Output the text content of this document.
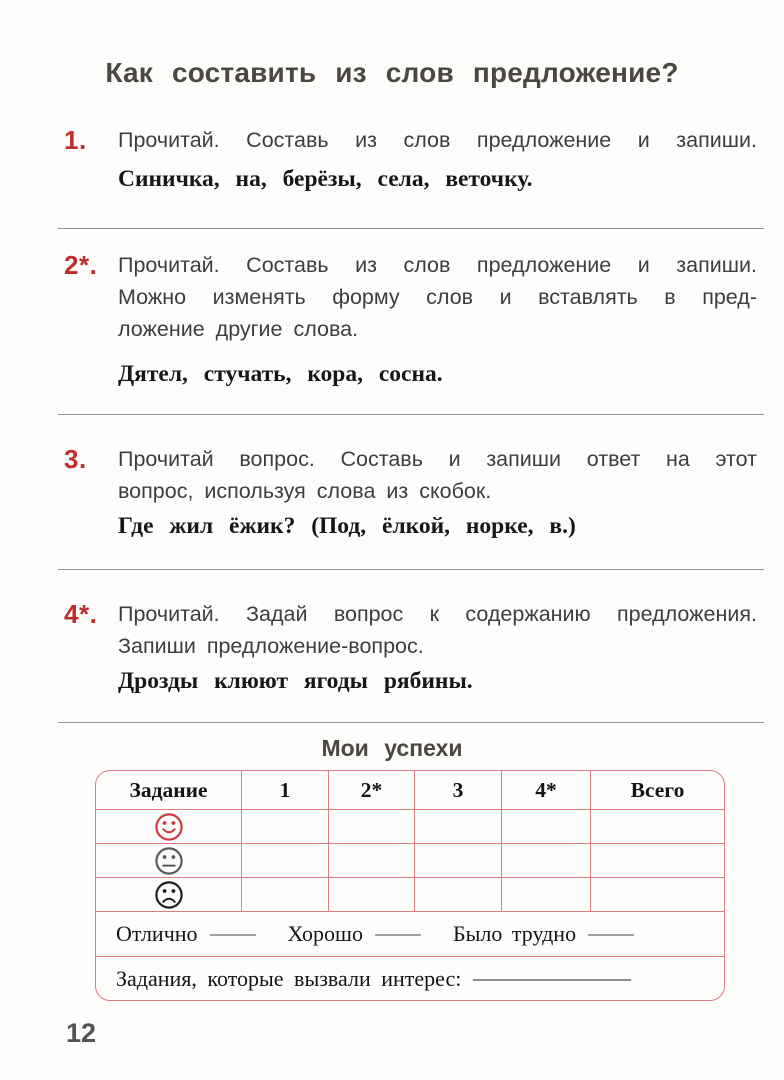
Как составить из слов предложение?
1. Прочитай. Составь из слов предложение и запиши.
Синичка, на, берёзы, села, веточку.
2*. Прочитай. Составь из слов предложение и запиши.
Можно изменять форму слов и вставлять в пред-
ложение другие слова.
Дятел, стучать, кора, сосна.
3. Прочитай вопрос. Составь и запиши ответ на этот
вопрос, используя слова из скобок.
Где жил ёжик? (Под, ёлкой, норке, в.)
4*. Прочитай. Задай вопрос к содержанию предложения.
Запиши предложение-вопрос.
Дрозды клюют ягоды рябины.
Мои успехи
Задание	1	2*	3	4*	Всего
Отлично	Хорошо	Было трудно
Задания, которые вызвали интерес:
12
